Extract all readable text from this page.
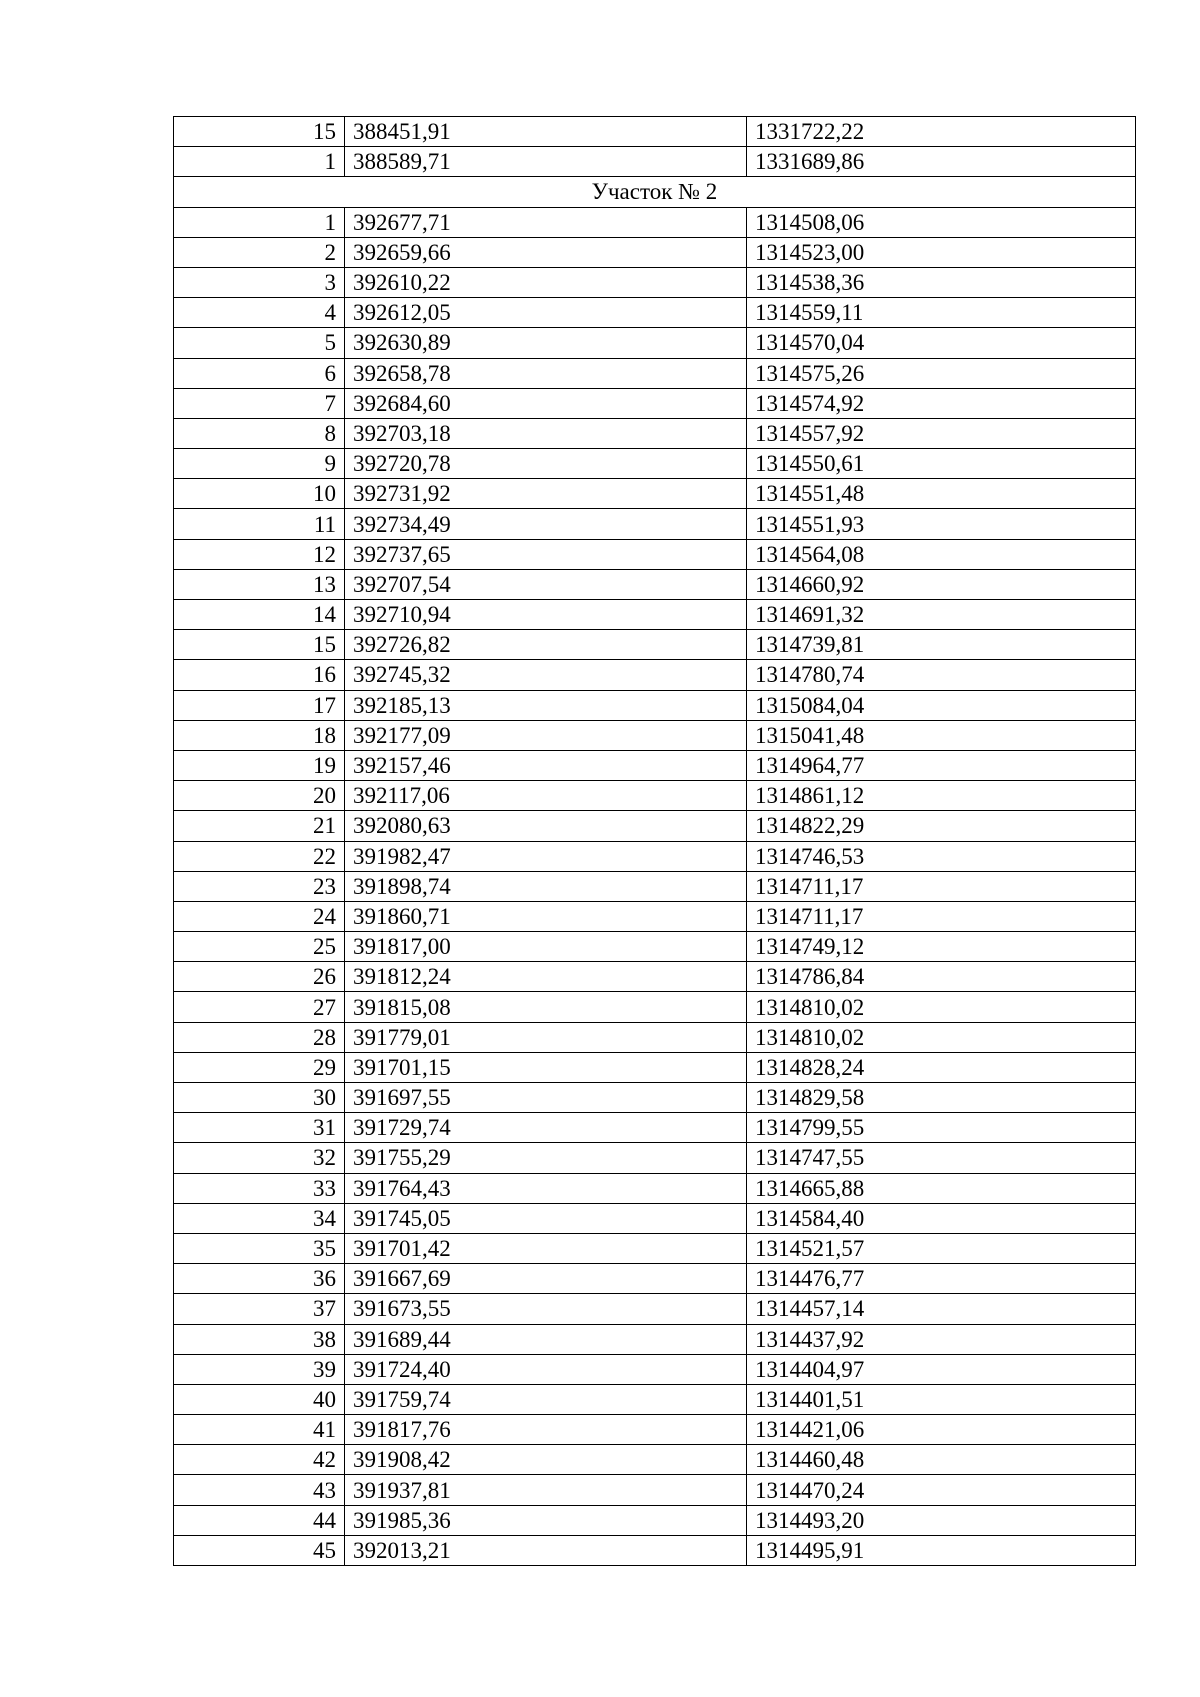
15	388451,91	1331722,22
1	388589,71	1331689,86
Участок № 2		
1	392677,71	1314508,06
2	392659,66	1314523,00
3	392610,22	1314538,36
4	392612,05	1314559,11
5	392630,89	1314570,04
6	392658,78	1314575,26
7	392684,60	1314574,92
8	392703,18	1314557,92
9	392720,78	1314550,61
10	392731,92	1314551,48
11	392734,49	1314551,93
12	392737,65	1314564,08
13	392707,54	1314660,92
14	392710,94	1314691,32
15	392726,82	1314739,81
16	392745,32	1314780,74
17	392185,13	1315084,04
18	392177,09	1315041,48
19	392157,46	1314964,77
20	392117,06	1314861,12
21	392080,63	1314822,29
22	391982,47	1314746,53
23	391898,74	1314711,17
24	391860,71	1314711,17
25	391817,00	1314749,12
26	391812,24	1314786,84
27	391815,08	1314810,02
28	391779,01	1314810,02
29	391701,15	1314828,24
30	391697,55	1314829,58
31	391729,74	1314799,55
32	391755,29	1314747,55
33	391764,43	1314665,88
34	391745,05	1314584,40
35	391701,42	1314521,57
36	391667,69	1314476,77
37	391673,55	1314457,14
38	391689,44	1314437,92
39	391724,40	1314404,97
40	391759,74	1314401,51
41	391817,76	1314421,06
42	391908,42	1314460,48
43	391937,81	1314470,24
44	391985,36	1314493,20
45	392013,21	1314495,91
